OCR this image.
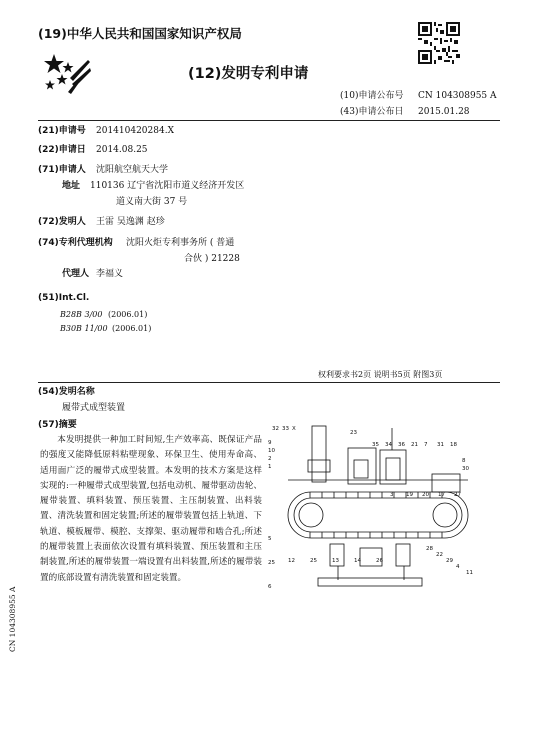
(19)中华人民共和国国家知识产权局
(12)发明专利申请
(10)申请公布号 CN 104308955 A
(43)申请公布日 2015.01.28
(21)申请号 201410420284.X
(22)申请日 2014.08.25
(71)申请人 沈阳航空航天大学
地址 110136 辽宁省沈阳市道义经济开发区
道义南大街 37 号
(72)发明人 王雷 吴逸渊 赵珍
(74)专利代理机构 沈阳火炬专利事务所 ( 普通
合伙 ) 21228
代理人 李福义
(51)Int.Cl.
B28B 3/00 (2006.01)
B30B 11/00 (2006.01)
权利要求书2页 说明书5页 附图3页
(54)发明名称
履带式成型装置
(57)摘要
本发明提供一种加工时间短,生产效率高、既保证产品的强度又能降低原料粘壁现象、环保卫生、使用寿命高、适用面广泛的履带式成型装置。本发明的技术方案是这样实现的:一种履带式成型装置,包括电动机、履带驱动齿轮、履带装置、填料装置、预压装置、主压制装置、出料装置、清洗装置和固定装置;所述的履带装置包括上轨道、下轨道、模板履带、模腔、支撑架、驱动履带和啮合孔;所述的履带装置上表面依次设置有填料装置、预压装置和主压制装置,所述的履带装置一端设置有出料装置,所述的履带装置的底部设置有清洗装置和固定装置。
32 33 X
23
35 34 36 21 7 31 18
9
10
2
1
5
25
6
8
30
3 19 20 17 27
28
22
29
4
11
12	25	13	14	26
CN 104308955 A
